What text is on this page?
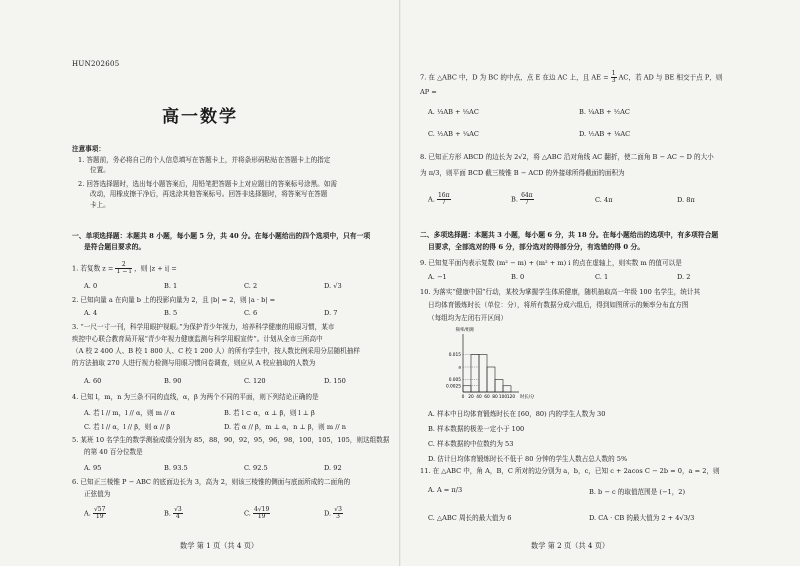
HUN202605
高一数学
注意事项：
1. 答题前，务必将自己的个人信息填写在答题卡上，并将条形码粘贴在答题卡上的指定
位置。
2. 回答选择题时，选出每小题答案后，用铅笔把答题卡上对应题目的答案标号涂黑。如需
改动，用橡皮擦干净后，再选涂其他答案标号。回答非选择题时，将答案写在答题
卡上。
一、单项选择题：本题共 8 小题，每小题 5 分，共 40 分。在每小题给出的四个选项中，只有一项
是符合题目要求的。
1. 若复数 $z = \frac{2}{1 - i}$ ，则 |z + i| =
A. 0	B. 1	C. 2	D. √3
2. 已知向量 a 在向量 b 上的投影向量为 2，且 |b| = 2，则 |a · b| =
A. 4	B. 5	C. 6	D. 7
3. “一尺一寸一刊，科学用眼护视眼。”为保护青少年视力，培养科学健康的用眼习惯，某市
疾控中心联合教育局开展“青少年视力健康监测与科学用眼宣传”。计划从全市三所高中
（A 校 2 400 人、B 校 1 800 人、C 校 1 200 人）的所有学生中，按人数比例采用分层随机抽样
的方法抽取 270 人进行视力检测与用眼习惯问卷调查，则应从 A 校应抽取的人数为
A. 60	B. 90	C. 120	D. 150
4. 已知 l，m，n 为三条不同的直线，α，β 为两个不同的平面，则下列结论正确的是
A. 若 l // m，l // α，则 m // α	B. 若 l ⊂ α，α ⊥ β，则 l ⊥ β
C. 若 l // α，l // β，则 α // β	D. 若 α // β，m ⊥ α，n ⊥ β，则 m // n
5. 某班 10 名学生的数学测验成绩分别为 85，88，90，92，95，96，98，100，105，105，则这组数据
的第 40 百分位数是
A. 95	B. 93.5	C. 92.5	D. 92
6. 已知正三棱锥 P − ABC 的底面边长为 3，高为 2，则该三棱锥的侧面与底面所成的二面角的
正弦值为
A. $\frac{√57}{19}$	B. $\frac{√3}{4}$	C. $\frac{4√19}{19}$	D. $\frac{√3}{3}$
数学 第 1 页（共 4 页）
7. 在 △ABC 中，D 为 BC 的中点，点 E 在边 AC 上，且 AE = $\frac{1}{3}$ AC，若 AD 与 BE 相交于点 P，则
AP =
A. ⅓AB + ⅓AC	B. ¼AB + ½AC
C. ½AB + ¼AC	D. ½AB + ⅙AC
8. 已知正方形 ABCD 的边长为 2√2，将 △ABC 沿对角线 AC 翻折，使二面角 B − AC − D 的大小
为 π/3，则平面 BCD 截三棱锥 B − ACD 的外接球所得截面的面积为
A. $\frac{16\pi}{7}$	B. $\frac{64\pi}{7}$	C. 4π	D. 8π
二、多项选择题：本题共 3 小题，每小题 6 分，共 18 分。在每小题给出的选项中，有多项符合题
目要求，全部选对的得 6 分，部分选对的得部分分，有选错的得 0 分。
9. 已知复平面内表示复数 (m² − m) + (m² + m) i 的点在虚轴上，则实数 m 的值可以是
A. −1	B. 0	C. 1	D. 2
10. 为落实“健康中国”行动，某校为掌握学生体质健康，随机抽取高一年级 100 名学生，统计其
日均体育锻炼时长（单位：分），将所有数据分成六组后，得到如图所示的频率分布直方图
（每组均为左闭右开区间）
A. 样本中日均体育锻炼时长在 [60，80) 内的学生人数为 30
B. 样本数据的极差一定小于 100
C. 样本数据的中位数约为 53
D. 估计日均体育锻炼时长不低于 80 分钟的学生人数占总人数的 5%
11. 在 △ABC 中，角 A，B，C 所对的边分别为 a，b，c，已知 c + 2acos C − 2b = 0，a = 2，则
A. A = π/3	B. b − c 的取值范围是 (−1，2)
C. △ABC 周长的最大值为 6	D. CA · CB 的最大值为 2 + 4√3/3
数学 第 2 页（共 4 页）
0.015
a
0.005
0.0025
0 20 40 60 80 100 120
频率/组距
时长/分
